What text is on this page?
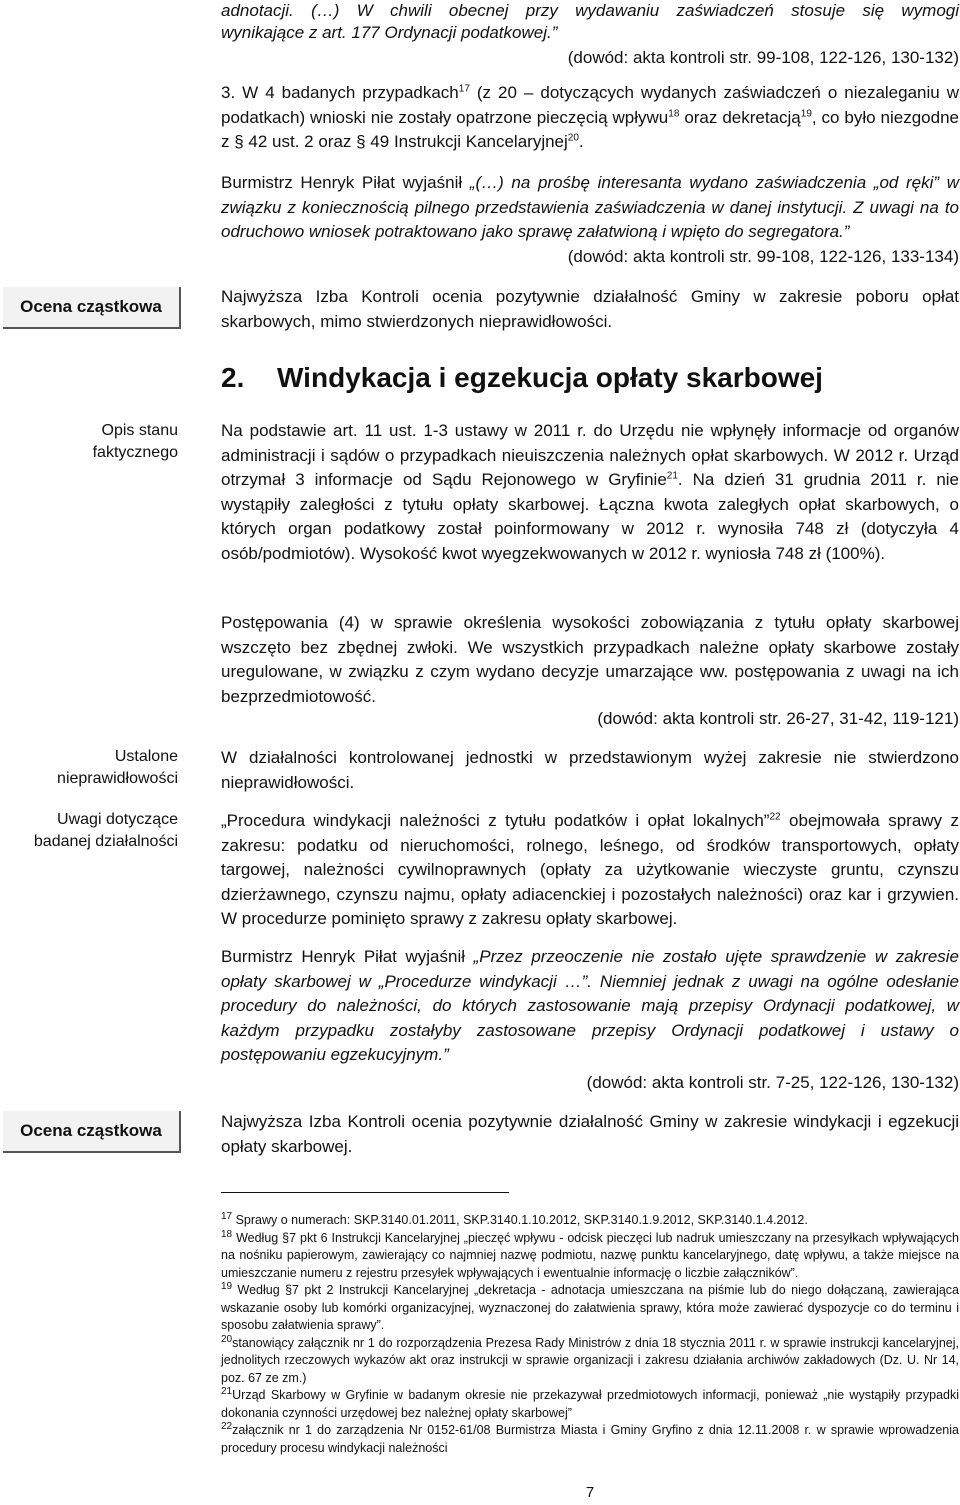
adnotacji. (…) W chwili obecnej przy wydawaniu zaświadczeń stosuje się wymogi

wynikające z art. 177 Ordynacji podatkowej.”

(dowód: akta kontroli str. 99-108, 122-126, 130-132)

3. W 4 badanych przypadkach$^{17}$ (z 20 – dotyczących wydanych zaświadczeń o niezaleganiu w podatkach) wnioski nie zostały opatrzone pieczęcią wpływu$^{18}$ oraz dekretacją$^{19}$, co było niezgodne z § 42 ust. 2 oraz § 49 Instrukcji Kancelaryjnej$^{20}$.

Burmistrz Henryk Piłat wyjaśnił „(…) na prośbę interesanta wydano zaświadczenia „od ręki” w związku z koniecznością pilnego przedstawienia zaświadczenia w danej instytucji. Z uwagi na to odruchowo wniosek potraktowano jako sprawę załatwioną i wpięto do segregatora.”

(dowód: akta kontroli str. 99-108, 122-126, 133-134)

Ocena cząstkowa

Najwyższa Izba Kontroli ocenia pozytywnie działalność Gminy w zakresie poboru opłat skarbowych, mimo stwierdzonych nieprawidłowości.

2. Windykacja i egzekucja opłaty skarbowej

Opis stanu

faktycznego

Ustalone

nieprawidłowości

Uwagi dotyczące

badanej działalności

Na podstawie art. 11 ust. 1-3 ustawy w 2011 r. do Urzędu nie wpłynęły informacje od organów administracji i sądów o przypadkach nieuiszczenia należnych opłat skarbowych. W 2012 r. Urząd otrzymał 3 informacje od Sądu Rejonowego w Gryfinie$^{21}$. Na dzień 31 grudnia 2011 r. nie wystąpiły zaległości z tytułu opłaty skarbowej. Łączna kwota zaległych opłat skarbowych, o których organ podatkowy został poinformowany w 2012 r. wynosiła 748 zł (dotyczyła 4 osób/podmiotów). Wysokość kwot wyegzekwowanych w 2012 r. wyniosła 748 zł (100%).

Postępowania (4) w sprawie określenia wysokości zobowiązania z tytułu opłaty skarbowej wszczęto bez zbędnej zwłoki. We wszystkich przypadkach należne opłaty skarbowe zostały uregulowane, w związku z czym wydano decyzje umarzające ww. postępowania z uwagi na ich bezprzedmiotowość.

(dowód: akta kontroli str. 26-27, 31-42, 119-121)

W działalności kontrolowanej jednostki w przedstawionym wyżej zakresie nie stwierdzono nieprawidłowości.

„Procedura windykacji należności z tytułu podatków i opłat lokalnych”$^{22}$ obejmowała sprawy z zakresu: podatku od nieruchomości, rolnego, leśnego, od środków transportowych, opłaty targowej, należności cywilnoprawnych (opłaty za użytkowanie wieczyste gruntu, czynszu dzierżawnego, czynszu najmu, opłaty adiacenckiej i pozostałych należności) oraz kar i grzywien. W procedurze pominięto sprawy z zakresu opłaty skarbowej.

Burmistrz Henryk Piłat wyjaśnił „Przez przeoczenie nie zostało ujęte sprawdzenie w zakresie opłaty skarbowej w „Procedurze windykacji …”. Niemniej jednak z uwagi na ogólne odesłanie procedury do należności, do których zastosowanie mają przepisy Ordynacji podatkowej, w każdym przypadku zostałyby zastosowane przepisy Ordynacji podatkowej i ustawy o postępowaniu egzekucyjnym.”

(dowód: akta kontroli str. 7-25, 122-126, 130-132)

Ocena cząstkowa	Najwyższa Izba Kontroli ocenia pozytywnie działalność Gminy w zakresie windykacji i egzekucji opłaty skarbowej.

$^{17}$ Sprawy o numerach: SKP.3140.01.2011, SKP.3140.1.10.2012, SKP.3140.1.9.2012, SKP.3140.1.4.2012.

$^{18}$ Według §7 pkt 6 Instrukcji Kancelaryjnej „pieczęć wpływu - odcisk pieczęci lub nadruk umieszczany na przesyłkach wpływających na nośniku papierowym, zawierający co najmniej nazwę podmiotu, nazwę punktu kancelaryjnego, datę wpływu, a także miejsce na umieszczanie numeru z rejestru przesyłek wpływających i ewentualnie informację o liczbie załączników”.

$^{19}$ Według §7 pkt 2 Instrukcji Kancelaryjnej „dekretacja - adnotacja umieszczana na piśmie lub do niego dołączaną, zawierająca wskazanie osoby lub komórki organizacyjnej, wyznaczonej do załatwienia sprawy, która może zawierać dyspozycje co do terminu i sposobu załatwienia sprawy”.

$^{20}$stanowiący załącznik nr 1 do rozporządzenia Prezesa Rady Ministrów z dnia 18 stycznia 2011 r. w sprawie instrukcji kancelaryjnej, jednolitych rzeczowych wykazów akt oraz instrukcji w sprawie organizacji i zakresu działania archiwów zakładowych (Dz. U. Nr 14, poz. 67 ze zm.)

$^{21}$Urząd Skarbowy w Gryfinie w badanym okresie nie przekazywał przedmiotowych informacji, ponieważ „nie wystąpiły przypadki dokonania czynności urzędowej bez należnej opłaty skarbowej”

$^{22}$załącznik nr 1 do zarządzenia Nr 0152-61/08 Burmistrza Miasta i Gminy Gryfino z dnia 12.11.2008 r. w sprawie wprowadzenia procedury procesu windykacji należności

7
